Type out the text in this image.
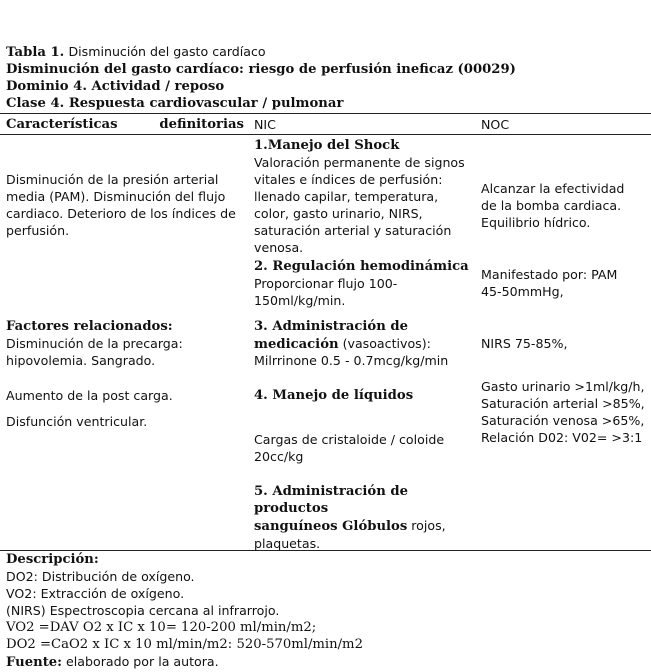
Tabla 1. Disminución del gasto cardíaco
Disminución del gasto cardíaco: riesgo de perfusión ineficaz (00029)
Dominio 4. Actividad / reposo
Clase 4. Respuesta cardiovascular / pulmonar
Características	definitorias NIC	NOC
Disminución de la presión arterial media (PAM). Disminución del flujo cardiaco. Deterioro de los índices de perfusión.
Factores relacionados:
Disminución de la precarga: hipovolemia. Sangrado.
Aumento de la post carga.
Disfunción ventricular.
1.Manejo del Shock
Valoración permanente de signos vitales e índices de perfusión: llenado capilar, temperatura, color, gasto urinario, NIRS, saturación arterial y saturación venosa.
2. Regulación hemodinámica
Proporcionar flujo 100-150ml/kg/min.
3. Administración de medicación (vasoactivos):
Milrrinone 0.5 - 0.7mcg/kg/min
4. Manejo de líquidos
Cargas de cristaloide / coloide 20cc/kg
5. Administración de productos
sanguíneos Glóbulos rojos, plaquetas.
Alcanzar la efectividad de la bomba cardiaca. Equilibrio hídrico.
Manifestado por: PAM 45-50mmHg,
NIRS 75-85%,
Gasto urinario >1ml/kg/h, Saturación arterial >85%, Saturación venosa >65%, Relación D02: V02= >3:1
Descripción:
DO2: Distribución de oxígeno.
VO2: Extracción de oxígeno.
(NIRS) Espectroscopia cercana al infrarrojo.
VO2 =DAV O2 x IC x 10= 120-200 ml/min/m2;
DO2 =CaO2 x IC x 10 ml/min/m2: 520-570ml/min/m2
Fuente: elaborado por la autora.
